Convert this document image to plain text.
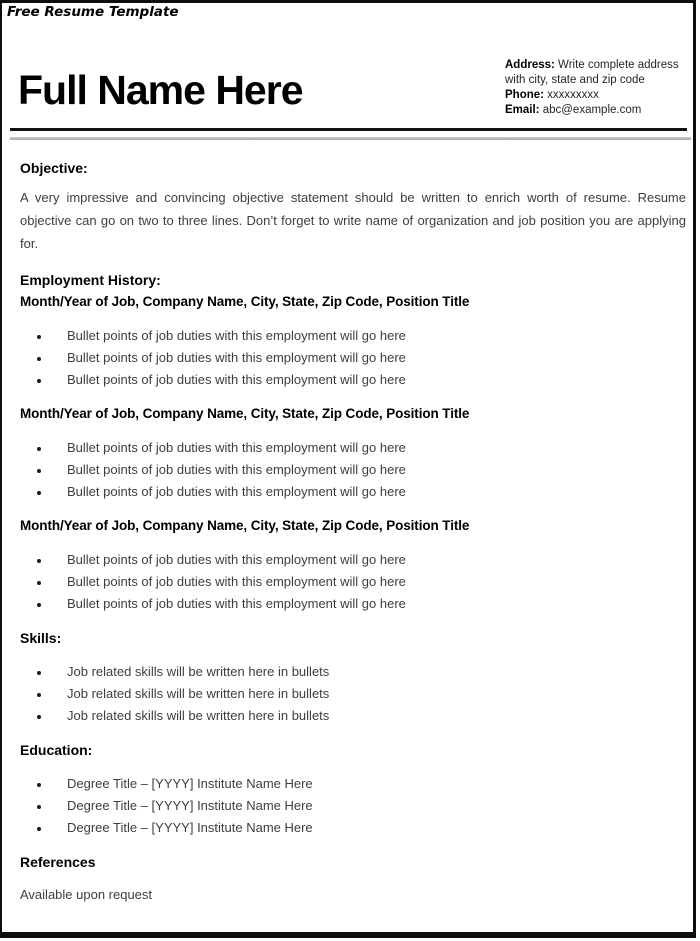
Free Resume Template
Full Name Here
Address: Write complete address with city, state and zip code
Phone: xxxxxxxxx
Email: abc@example.com
Objective:

A very impressive and convincing objective statement should be written to enrich worth of resume. Resume objective can go on two to three lines. Don’t forget to write name of organization and job position you are applying for.

Employment History:
Month/Year of Job, Company Name, City, State, Zip Code, Position Title
• Bullet points of job duties with this employment will go here
• Bullet points of job duties with this employment will go here
• Bullet points of job duties with this employment will go here
Month/Year of Job, Company Name, City, State, Zip Code, Position Title
• Bullet points of job duties with this employment will go here
• Bullet points of job duties with this employment will go here
• Bullet points of job duties with this employment will go here
Month/Year of Job, Company Name, City, State, Zip Code, Position Title
• Bullet points of job duties with this employment will go here
• Bullet points of job duties with this employment will go here
• Bullet points of job duties with this employment will go here
Skills:
• Job related skills will be written here in bullets
• Job related skills will be written here in bullets
• Job related skills will be written here in bullets
Education:
• Degree Title – [YYYY] Institute Name Here
• Degree Title – [YYYY] Institute Name Here
• Degree Title – [YYYY] Institute Name Here
References

Available upon request
